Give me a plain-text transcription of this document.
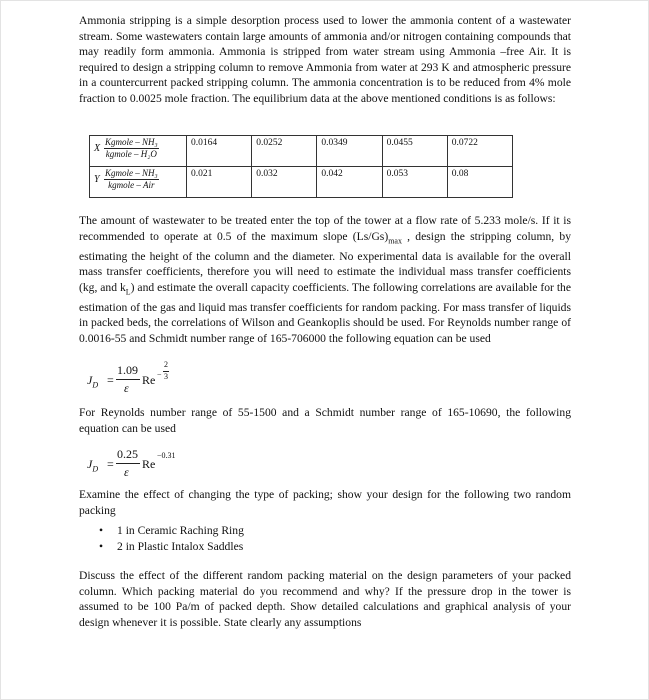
Ammonia stripping is a simple desorption process used to lower the ammonia content of a wastewater stream. Some wastewaters contain large amounts of ammonia and/or nitrogen containing compounds that may readily form ammonia. Ammonia is stripped from water stream using Ammonia –free Air. It is required to design a stripping column to remove Ammonia from water at 293 K and atmospheric pressure in a countercurrent packed stripping column. The ammonia concentration is to be reduced from 4% mole fraction to 0.0025 mole fraction. The equilibrium data at the above mentioned conditions is as follows:

X $\frac{\text{Kgmole – NH₃}}{\text{kgmole – H₂O}}$	0.0164	0.0252	0.0349	0.0455	0.0722

Y $\frac{\text{Kgmole – NH₃}}{\text{kgmole – Air}}$	0.021	0.032	0.042	0.053	0.08

The amount of wastewater to be treated enter the top of the tower at a flow rate of 5.233 mole/s. If it is recommended to operate at 0.5 of the maximum slope $(Ls/Gs)_{max}$ , design the stripping column, by estimating the height of the column and the diameter. No experimental data is available for the overall mass transfer coefficients, therefore you will need to estimate the individual mass transfer coefficients (kg, and $k_L$) and estimate the overall capacity coefficients. The following correlations are available for the estimation of the gas and liquid mas transfer coefficients for random packing. For mass transfer of liquids in packed beds, the correlations of Wilson and Geankoplis should be used. For Reynolds number range of 0.0016-55 and Schmidt number range of 165-706000 the following equation can be used

$J_D$ =
1.09
ε
Re −
2
3

For Reynolds number range of 55-1500 and a Schmidt number range of 165-10690, the following equation can be used

$J_D$ =
0.25
ε
Re
−0.31

Examine the effect of changing the type of packing; show your design for the following two random packing

• 1 in Ceramic Raching Ring
• 2 in Plastic Intalox Saddles

Discuss the effect of the different random packing material on the design parameters of your packed column. Which packing material do you recommend and why? If the pressure drop in the tower is assumed to be 100 Pa/m of packed depth. Show detailed calculations and graphical analysis of your design whenever it is possible. State clearly any assumptions
